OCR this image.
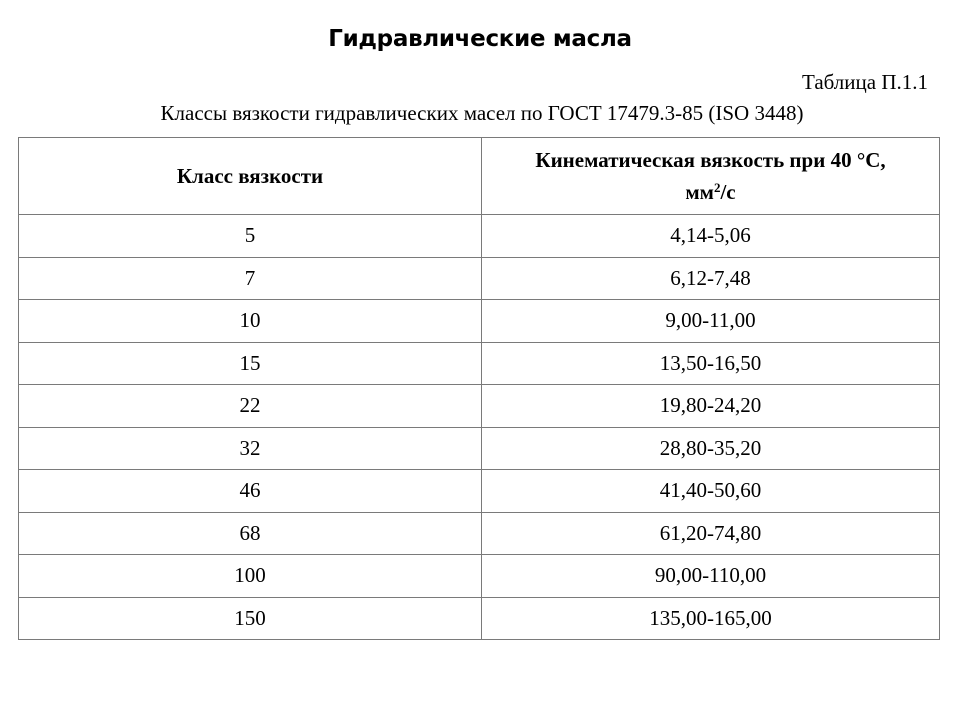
Гидравлические масла
Таблица П.1.1
Классы вязкости гидравлических масел по ГОСТ 17479.3-85 (ISO 3448)
Класс вязкости	Кинематическая вязкость при 40 °С,
$мм^2/с$
5	4,14-5,06
7	6,12-7,48
10	9,00-11,00
15	13,50-16,50
22	19,80-24,20
32	28,80-35,20
46	41,40-50,60
68	61,20-74,80
100	90,00-110,00
150	135,00-165,00
